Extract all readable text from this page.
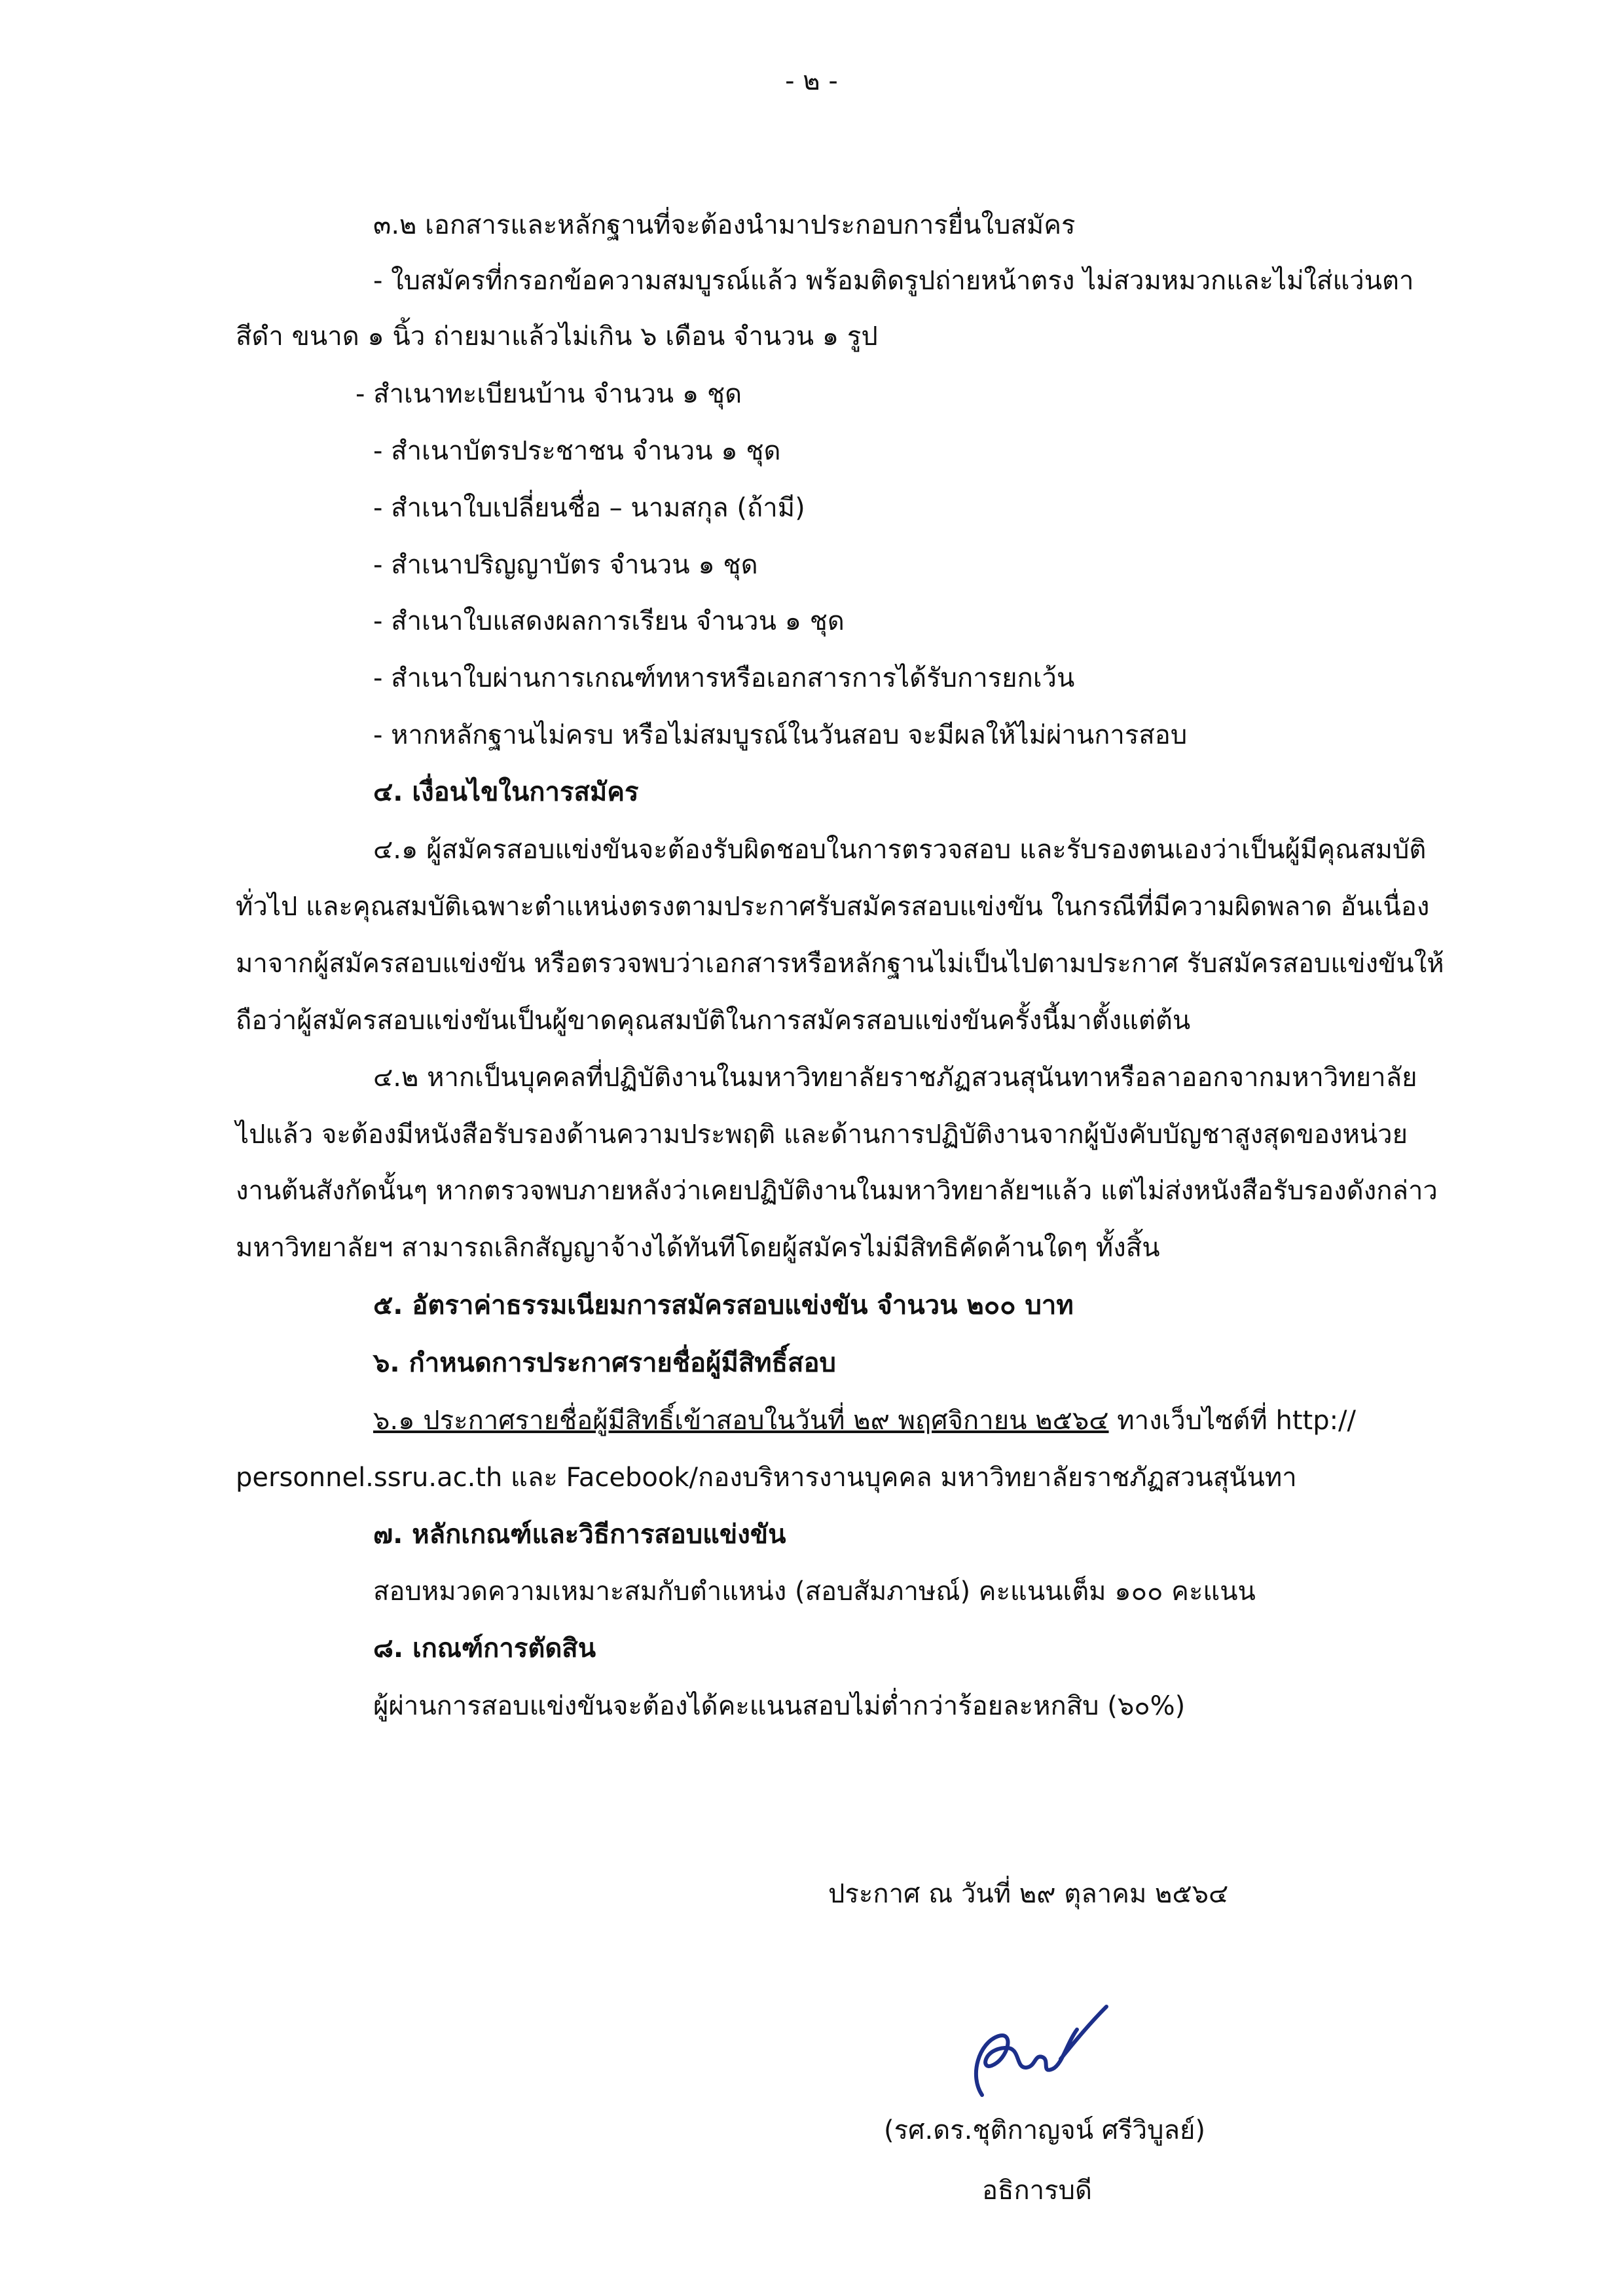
- ๒ -
๓.๒ เอกสารและหลักฐานที่จะต้องนำมาประกอบการยื่นใบสมัคร
- ใบสมัครที่กรอกข้อความสมบูรณ์แล้ว พร้อมติดรูปถ่ายหน้าตรง ไม่สวมหมวกและไม่ใส่แว่นตา
สีดำ ขนาด ๑ นิ้ว ถ่ายมาแล้วไม่เกิน ๖ เดือน จำนวน ๑ รูป
- สำเนาทะเบียนบ้าน จำนวน ๑ ชุด
- สำเนาบัตรประชาชน จำนวน ๑ ชุด
- สำเนาใบเปลี่ยนชื่อ – นามสกุล (ถ้ามี)
- สำเนาปริญญาบัตร จำนวน ๑ ชุด
- สำเนาใบแสดงผลการเรียน จำนวน ๑ ชุด
- สำเนาใบผ่านการเกณฑ์ทหารหรือเอกสารการได้รับการยกเว้น
- หากหลักฐานไม่ครบ หรือไม่สมบูรณ์ในวันสอบ จะมีผลให้ไม่ผ่านการสอบ
๔. เงื่อนไขในการสมัคร
๔.๑ ผู้สมัครสอบแข่งขันจะต้องรับผิดชอบในการตรวจสอบ และรับรองตนเองว่าเป็นผู้มีคุณสมบัติ
ทั่วไป และคุณสมบัติเฉพาะตำแหน่งตรงตามประกาศรับสมัครสอบแข่งขัน ในกรณีที่มีความผิดพลาด อันเนื่อง
มาจากผู้สมัครสอบแข่งขัน หรือตรวจพบว่าเอกสารหรือหลักฐานไม่เป็นไปตามประกาศ รับสมัครสอบแข่งขันให้
ถือว่าผู้สมัครสอบแข่งขันเป็นผู้ขาดคุณสมบัติในการสมัครสอบแข่งขันครั้งนี้มาตั้งแต่ต้น
๔.๒ หากเป็นบุคคลที่ปฏิบัติงานในมหาวิทยาลัยราชภัฏสวนสุนันทาหรือลาออกจากมหาวิทยาลัย
ไปแล้ว จะต้องมีหนังสือรับรองด้านความประพฤติ และด้านการปฏิบัติงานจากผู้บังคับบัญชาสูงสุดของหน่วย
งานต้นสังกัดนั้นๆ หากตรวจพบภายหลังว่าเคยปฏิบัติงานในมหาวิทยาลัยฯแล้ว แต่ไม่ส่งหนังสือรับรองดังกล่าว
มหาวิทยาลัยฯ สามารถเลิกสัญญาจ้างได้ทันทีโดยผู้สมัครไม่มีสิทธิคัดค้านใดๆ ทั้งสิ้น
๕. อัตราค่าธรรมเนียมการสมัครสอบแข่งขัน จำนวน ๒๐๐ บาท
๖. กำหนดการประกาศรายชื่อผู้มีสิทธิ์สอบ
๖.๑ ประกาศรายชื่อผู้มีสิทธิ์เข้าสอบในวันที่ ๒๙ พฤศจิกายน ๒๕๖๔ ทางเว็บไซต์ที่ http://
personnel.ssru.ac.th และ Facebook/กองบริหารงานบุคคล มหาวิทยาลัยราชภัฏสวนสุนันทา
๗. หลักเกณฑ์และวิธีการสอบแข่งขัน
สอบหมวดความเหมาะสมกับตำแหน่ง (สอบสัมภาษณ์) คะแนนเต็ม ๑๐๐ คะแนน
๘. เกณฑ์การตัดสิน
ผู้ผ่านการสอบแข่งขันจะต้องได้คะแนนสอบไม่ต่ำกว่าร้อยละหกสิบ (๖๐%)
ประกาศ ณ วันที่ ๒๙ ตุลาคม ๒๕๖๔
(รศ.ดร.ชุติกาญจน์ ศรีวิบูลย์)
อธิการบดี
